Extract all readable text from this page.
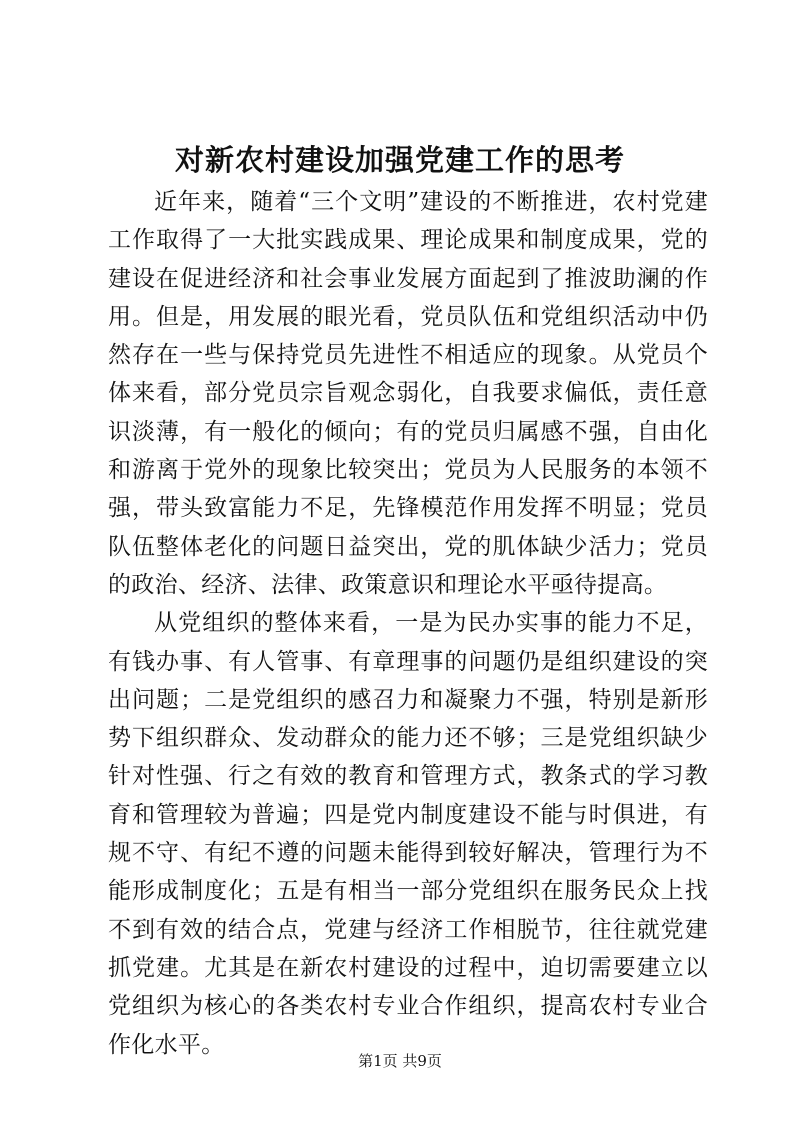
对新农村建设加强党建工作的思考

近年来，随着“三个文明”建设的不断推进，农村党建工作取得了一大批实践成果、理论成果和制度成果，党的建设在促进经济和社会事业发展方面起到了推波助澜的作用。但是，用发展的眼光看，党员队伍和党组织活动中仍然存在一些与保持党员先进性不相适应的现象。从党员个体来看，部分党员宗旨观念弱化，自我要求偏低，责任意识淡薄，有一般化的倾向；有的党员归属感不强，自由化和游离于党外的现象比较突出；党员为人民服务的本领不强，带头致富能力不足，先锋模范作用发挥不明显；党员队伍整体老化的问题日益突出，党的肌体缺少活力；党员的政治、经济、法律、政策意识和理论水平亟待提高。

从党组织的整体来看，一是为民办实事的能力不足，有钱办事、有人管事、有章理事的问题仍是组织建设的突出问题；二是党组织的感召力和凝聚力不强，特别是新形势下组织群众、发动群众的能力还不够；三是党组织缺少针对性强、行之有效的教育和管理方式，教条式的学习教育和管理较为普遍；四是党内制度建设不能与时俱进，有规不守、有纪不遵的问题未能得到较好解决，管理行为不能形成制度化；五是有相当一部分党组织在服务民众上找不到有效的结合点，党建与经济工作相脱节，往往就党建抓党建。尤其是在新农村建设的过程中，迫切需要建立以党组织为核心的各类农村专业合作组织，提高农村专业合作化水平。

第1页 共9页
